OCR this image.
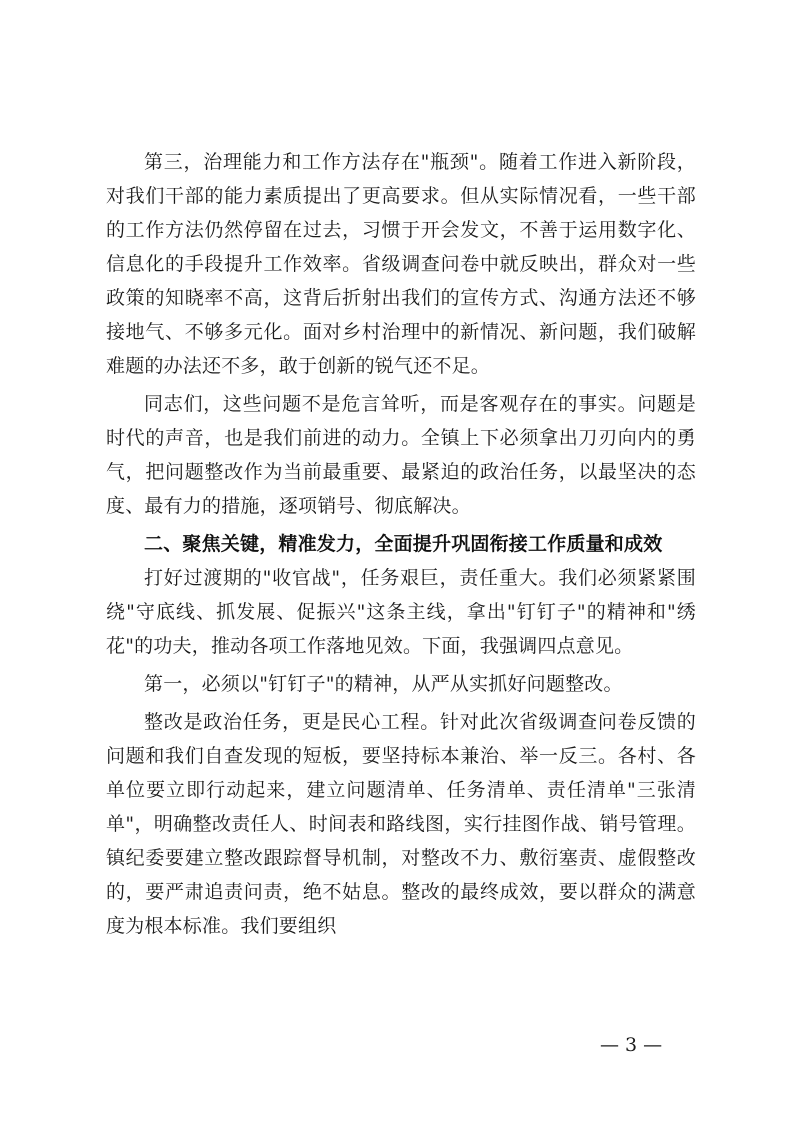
第三，治理能力和工作方法存在"瓶颈"。随着工作进入新阶段，对我们干部的能力素质提出了更高要求。但从实际情况看，一些干部的工作方法仍然停留在过去，习惯于开会发文，不善于运用数字化、信息化的手段提升工作效率。省级调查问卷中就反映出，群众对一些政策的知晓率不高，这背后折射出我们的宣传方式、沟通方法还不够接地气、不够多元化。面对乡村治理中的新情况、新问题，我们破解难题的办法还不多，敢于创新的锐气还不足。

同志们，这些问题不是危言耸听，而是客观存在的事实。问题是时代的声音，也是我们前进的动力。全镇上下必须拿出刀刃向内的勇气，把问题整改作为当前最重要、最紧迫的政治任务，以最坚决的态度、最有力的措施，逐项销号、彻底解决。

二、聚焦关键，精准发力，全面提升巩固衔接工作质量和成效

打好过渡期的"收官战"，任务艰巨，责任重大。我们必须紧紧围绕"守底线、抓发展、促振兴"这条主线，拿出"钉钉子"的精神和"绣花"的功夫，推动各项工作落地见效。下面，我强调四点意见。

第一，必须以"钉钉子"的精神，从严从实抓好问题整改。

整改是政治任务，更是民心工程。针对此次省级调查问卷反馈的问题和我们自查发现的短板，要坚持标本兼治、举一反三。各村、各单位要立即行动起来，建立问题清单、任务清单、责任清单"三张清单"，明确整改责任人、时间表和路线图，实行挂图作战、销号管理。镇纪委要建立整改跟踪督导机制，对整改不力、敷衍塞责、虚假整改的，要严肃追责问责，绝不姑息。整改的最终成效，要以群众的满意度为根本标准。我们要组织

— 3 —
